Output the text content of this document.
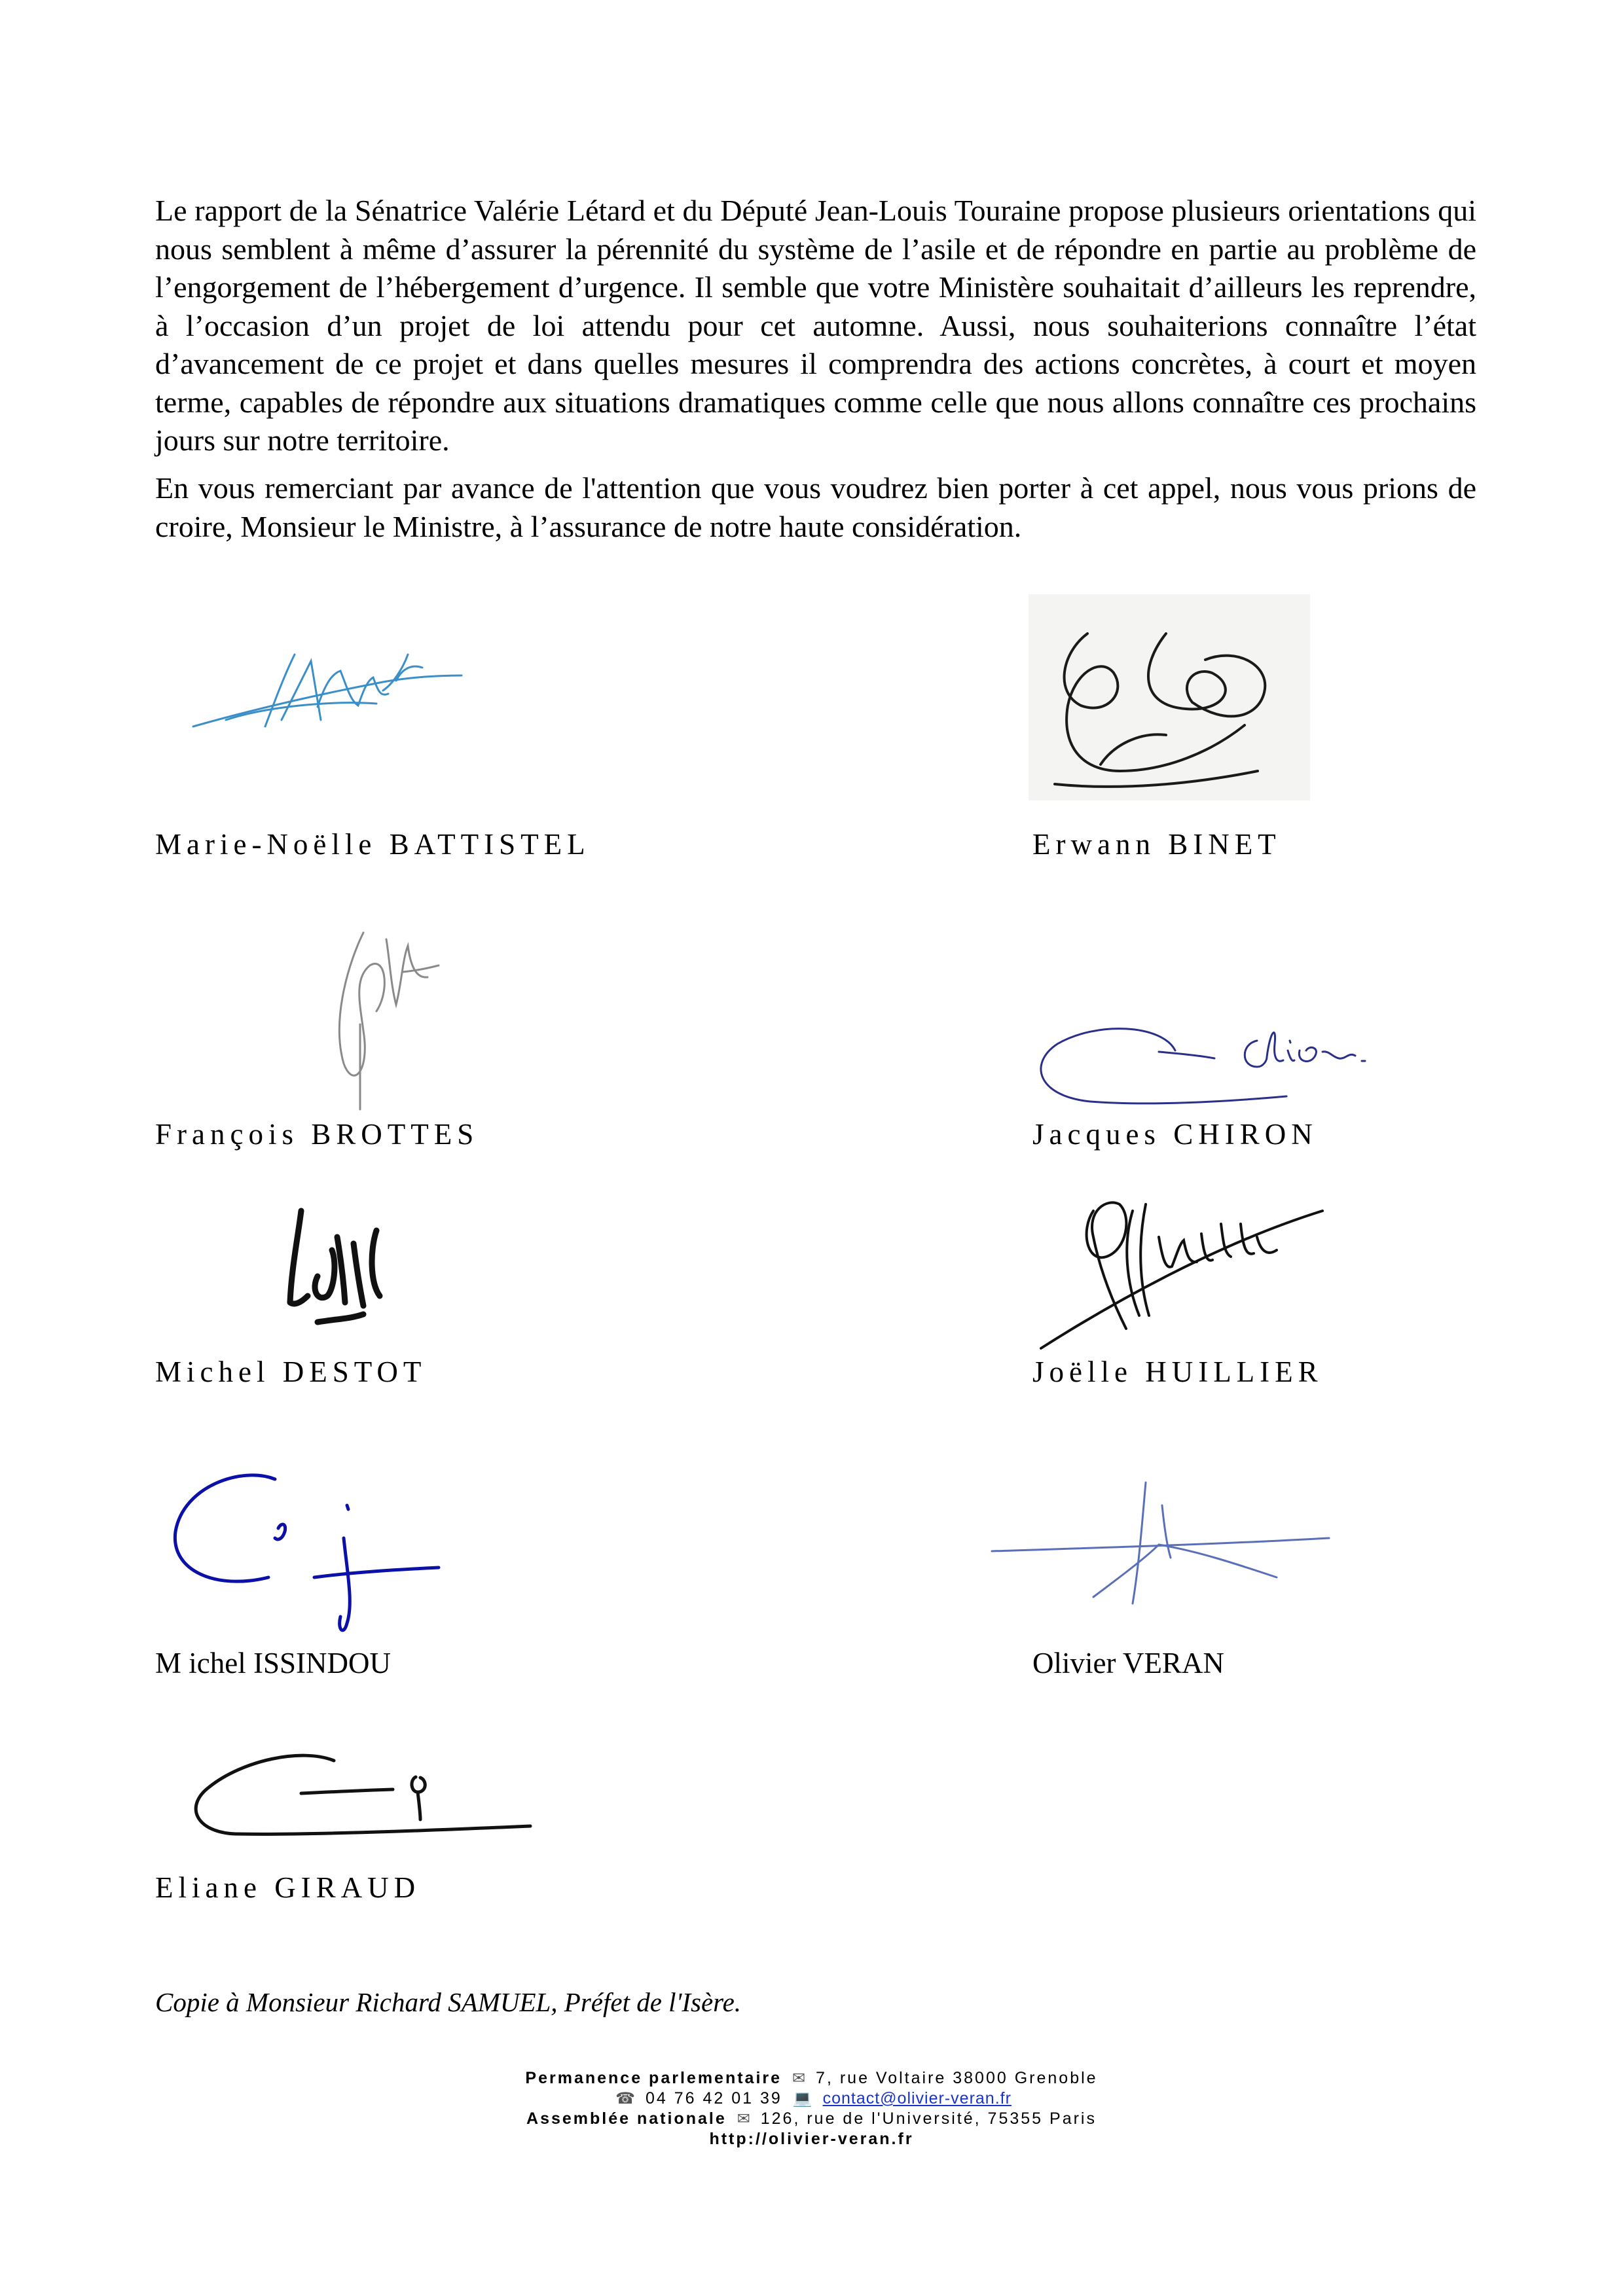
Le rapport de la Sénatrice Valérie Létard et du Député Jean-Louis Touraine propose plusieurs orientations qui nous semblent à même d’assurer la pérennité du système de l’asile et de répondre en partie au problème de l’engorgement de l’hébergement d’urgence. Il semble que votre Ministère souhaitait d’ailleurs les reprendre, à l’occasion d’un projet de loi attendu pour cet automne. Aussi, nous souhaiterions connaître l’état d’avancement de ce projet et dans quelles mesures il comprendra des actions concrètes, à court et moyen terme, capables de répondre aux situations dramatiques comme celle que nous allons connaître ces prochains jours sur notre territoire.

En vous remerciant par avance de l'attention que vous voudrez bien porter à cet appel, nous vous prions de croire, Monsieur le Ministre, à l’assurance de notre haute considération.

Marie-Noëlle BATTISTEL	Erwann BINET

François BROTTES	Jacques CHIRON

Michel DESTOT	Joëlle HUILLIER

M ichel ISSINDOU	Olivier VERAN

Eliane GIRAUD

Copie à Monsieur Richard SAMUEL, Préfet de l'Isère.

Permanence parlementaire ✉ 7, rue Voltaire 38000 Grenoble
☎ 04 76 42 01 39 💻 contact@olivier-veran.fr
Assemblée nationale ✉ 126, rue de l'Université, 75355 Paris
http://olivier-veran.fr
